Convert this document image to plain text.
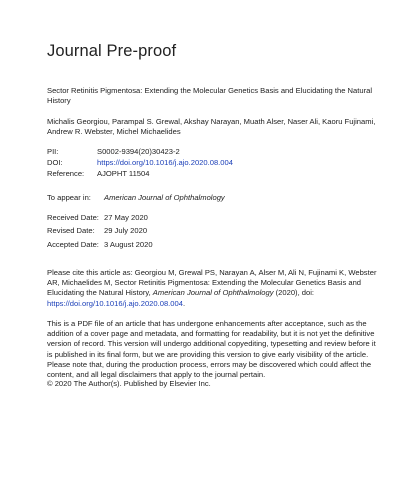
Journal Pre-proof
Sector Retinitis Pigmentosa: Extending the Molecular Genetics Basis and Elucidating the Natural History
Michalis Georgiou, Parampal S. Grewal, Akshay Narayan, Muath Alser, Naser Ali, Kaoru Fujinami, Andrew R. Webster, Michel Michaelides
PII:	S0002-9394(20)30423-2
DOI:	https://doi.org/10.1016/j.ajo.2020.08.004
Reference: AJOPHT 11504
To appear in: American Journal of Ophthalmology
Received Date: 27 May 2020
Revised Date: 29 July 2020
Accepted Date: 3 August 2020
Please cite this article as: Georgiou M, Grewal PS, Narayan A, Alser M, Ali N, Fujinami K, Webster AR, Michaelides M, Sector Retinitis Pigmentosa: Extending the Molecular Genetics Basis and Elucidating the Natural History, American Journal of Ophthalmology (2020), doi: https://doi.org/10.1016/j.ajo.2020.08.004.
This is a PDF file of an article that has undergone enhancements after acceptance, such as the addition of a cover page and metadata, and formatting for readability, but it is not yet the definitive version of record. This version will undergo additional copyediting, typesetting and review before it is published in its final form, but we are providing this version to give early visibility of the article. Please note that, during the production process, errors may be discovered which could affect the content, and all legal disclaimers that apply to the journal pertain.
© 2020 The Author(s). Published by Elsevier Inc.
